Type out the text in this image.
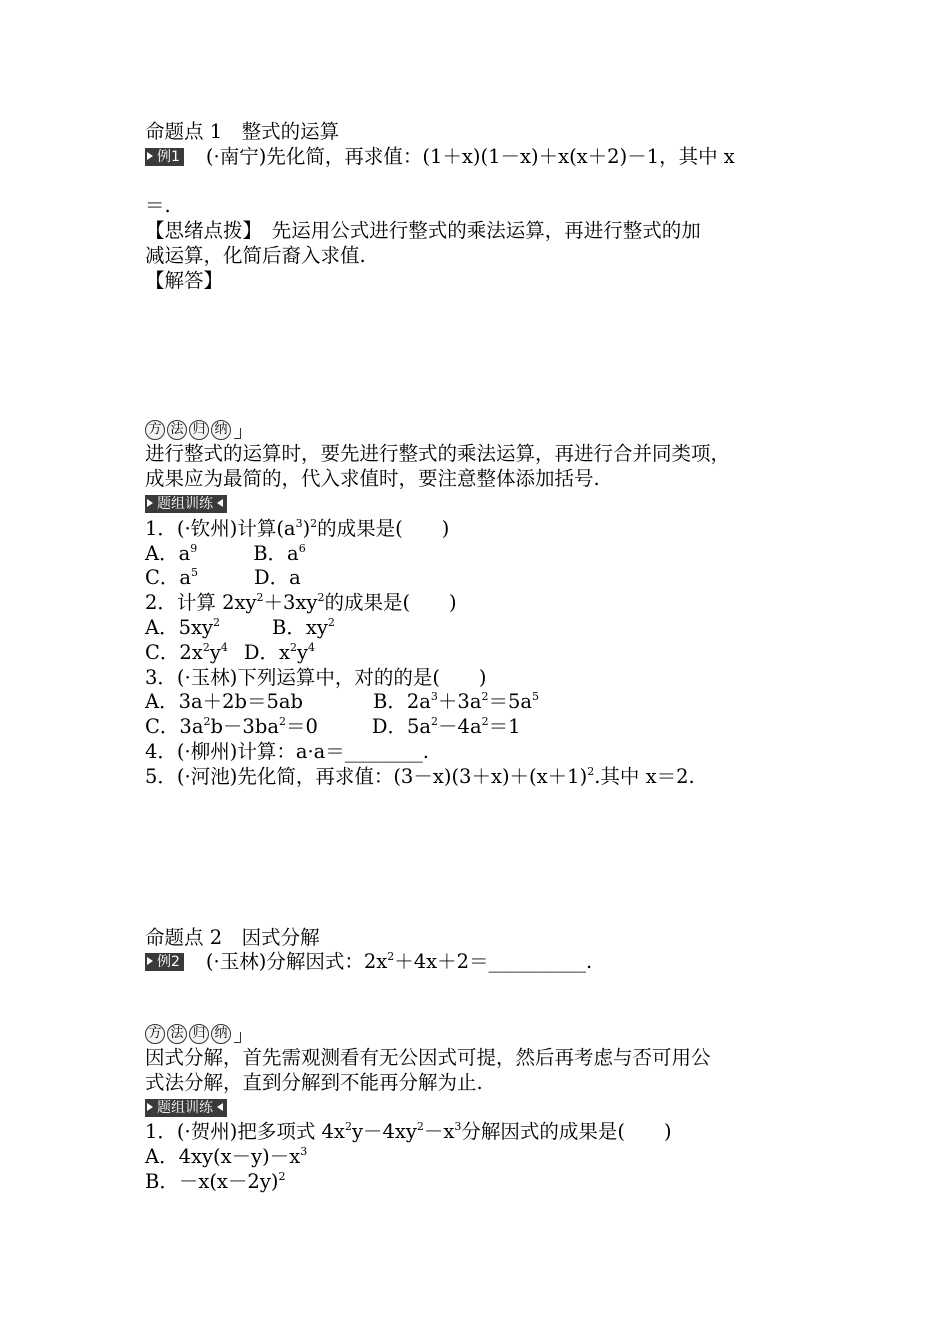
命题点 1　整式的运算
例1 (·南宁)先化简，再求值：(1＋x)(1－x)＋x(x＋2)－1，其中 x
＝.
【思绪点拨】　先运用公式进行整式的乘法运算，再进行整式的加
减运算，化简后裔入求值.
【解答】
方 法 归 纳
进行整式的运算时，要先进行整式的乘法运算，再进行合并同类项，
成果应为最简的，代入求值时，要注意整体添加括号.
题组训练
1．(·钦州)计算$(a^3)^2$的成果是(　　)
A．$a^9$	B．$a^6$
C．$a^5$	D．a
2．计算 $2xy^2+3xy^2$的成果是(　　)
A．$5xy^2$	B．$xy^2$
C．$2x^2y^4$ D．$x^2y^4$
3．(·玉林)下列运算中，对的的是(　　)
A．3a＋2b＝5ab	B．$2a^3+3a^2=5a^5$
C．$3a^2b-3ba^2=0$	D．$5a^2-4a^2=1$
4．(·柳州)计算：a·a＝________.
5．(·河池)先化简，再求值：$(3-x)(3+x)+(x+1)^2$.其中 x＝2.
命题点 2　因式分解
例2 (·玉林)分解因式：$2x^2+4x+2=\_\_\_\_\_\_\_\_\_\_$.
方 法 归 纳
因式分解，首先需观测看有无公因式可提，然后再考虑与否可用公
式法分解，直到分解到不能再分解为止.
题组训练
1．(·贺州)把多项式 $4x^2y-4xy^2-x^3$分解因式的成果是(　　)
A．$4xy(x-y)-x^3$
B．$-x(x-2y)^2$
